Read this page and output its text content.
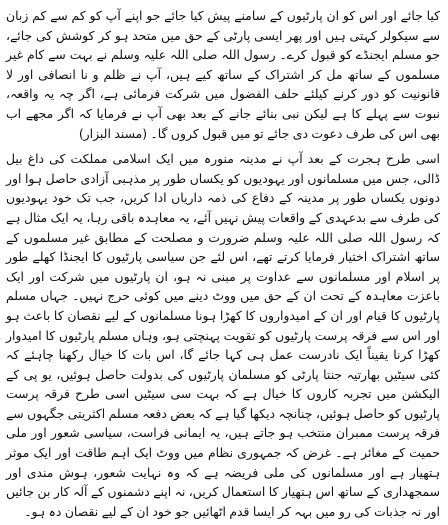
کیا جائے اور اس کو ان پارٹیوں کے سامنے پیش کیا جائے جو اپنے آپ کو کم سے کم زبان سے سیکولر کہتی ہیں اور پھر ایسی پارٹی کے حق میں متحد ہو کر کوشش کی جائے، جو مسلم ایجنڈے کو قبول کرے۔ رسول اللہ صلی اللہ علیہ وسلم نے بہت سے کام غیر مسلموں کے ساتھ مل کر اشتراک کے ساتھ کیے ہیں، آپ نے ظلم و نا انصافی اور لا قانونیت کو دور کرنے کیلئے حلف الفضول میں شرکت فرمائی ہے، اگر چہ یہ واقعہ، نبوت سے پہلے کا ہے لیکن نبی بنائے جانے کے بعد بھی آپ نے فرمایا کہ اگر مجھے اب بھی اس کی طرف دعوت دی جائے تو میں قبول کروں گا۔ (مسند البزار)

اسی طرح ہجرت کے بعد آپ نے مدینہ منورہ میں ایک اسلامی مملکت کی داغ بیل ڈالی، جس میں مسلمانوں اور یہودیوں کو یکساں طور پر مذہبی آزادی حاصل ہوا اور دونوں یکساں طور پر مدینہ کے دفاع کی ذمہ داریاں ادا کریں، جب تک خود یہودیوں کی طرف سے بدعہدی کے واقعات پیش نہیں آئے، یہ معاہدہ باقی رہا، یہ ایک مثال ہے کہ رسول اللہ صلی اللہ علیہ وسلم ضرورت و مصلحت کے مطابق غیر مسلموں کے ساتھ اشتراک اختیار فرمایا کرتے تھے، اس لئے جن سیاسی پارٹیوں کا ایجنڈا کھلے طور پر اسلام اور مسلمانوں سے عداوت پر مبنی نہ ہو، ان پارٹیوں میں شرکت اور ایک باعزت معاہدہ کے تحت ان کے حق میں ووٹ دینے میں کوئی حرج نہیں۔ جہاں مسلم پارٹیوں کا قیام اور ان کے امیدواروں کا کھڑا ہونا مسلمانوں کے لیے نقصان کا باعث ہو اور اس سے فرقہ پرست پارٹیوں کو تقویت پہنچتی ہو، وہاں مسلم پارٹیوں کا امیدوار کھڑا کرنا یقیناً ایک نادرست عمل ہی کہا جائے گا، اس بات کا خیال رکھنا چاہئے کہ کئی سیٹیں بھارتیہ جنتا پارٹی کو مسلمان پارٹیوں کی بدولت حاصل ہوئیں، یو پی کے الیکشن میں تجربہ کاروں کا خیال ہے کہ بہت سی سیٹیں اسی طرح فرقہ پرست پارٹیوں کو حاصل ہوئیں، چنانچہ دیکھا گیا ہے کہ بعض دفعہ مسلم اکثریتی جگہوں سے فرقہ پرست ممبران منتخب ہو جاتے ہیں، یہ ایمانی فراست، سیاسی شعور اور ملی حمیت کے مغائر ہے۔ غرض کہ جمہوری نظام میں ووٹ ایک اہم طاقت اور ایک موثر ہتھیار ہے اور مسلمانوں کی ملی فریضہ ہے کہ وہ نہایت شعور، ہوش مندی اور سمجھداری کے ساتھ اس ہتھیار کا استعمال کریں، نہ اپنے دشمنوں کے آلہ کار بن جائیں اور نہ جذبات کی رو میں بہہ کر ایسا قدم اٹھائیں جو خود ان کے لیے نقصان دہ ہو۔
